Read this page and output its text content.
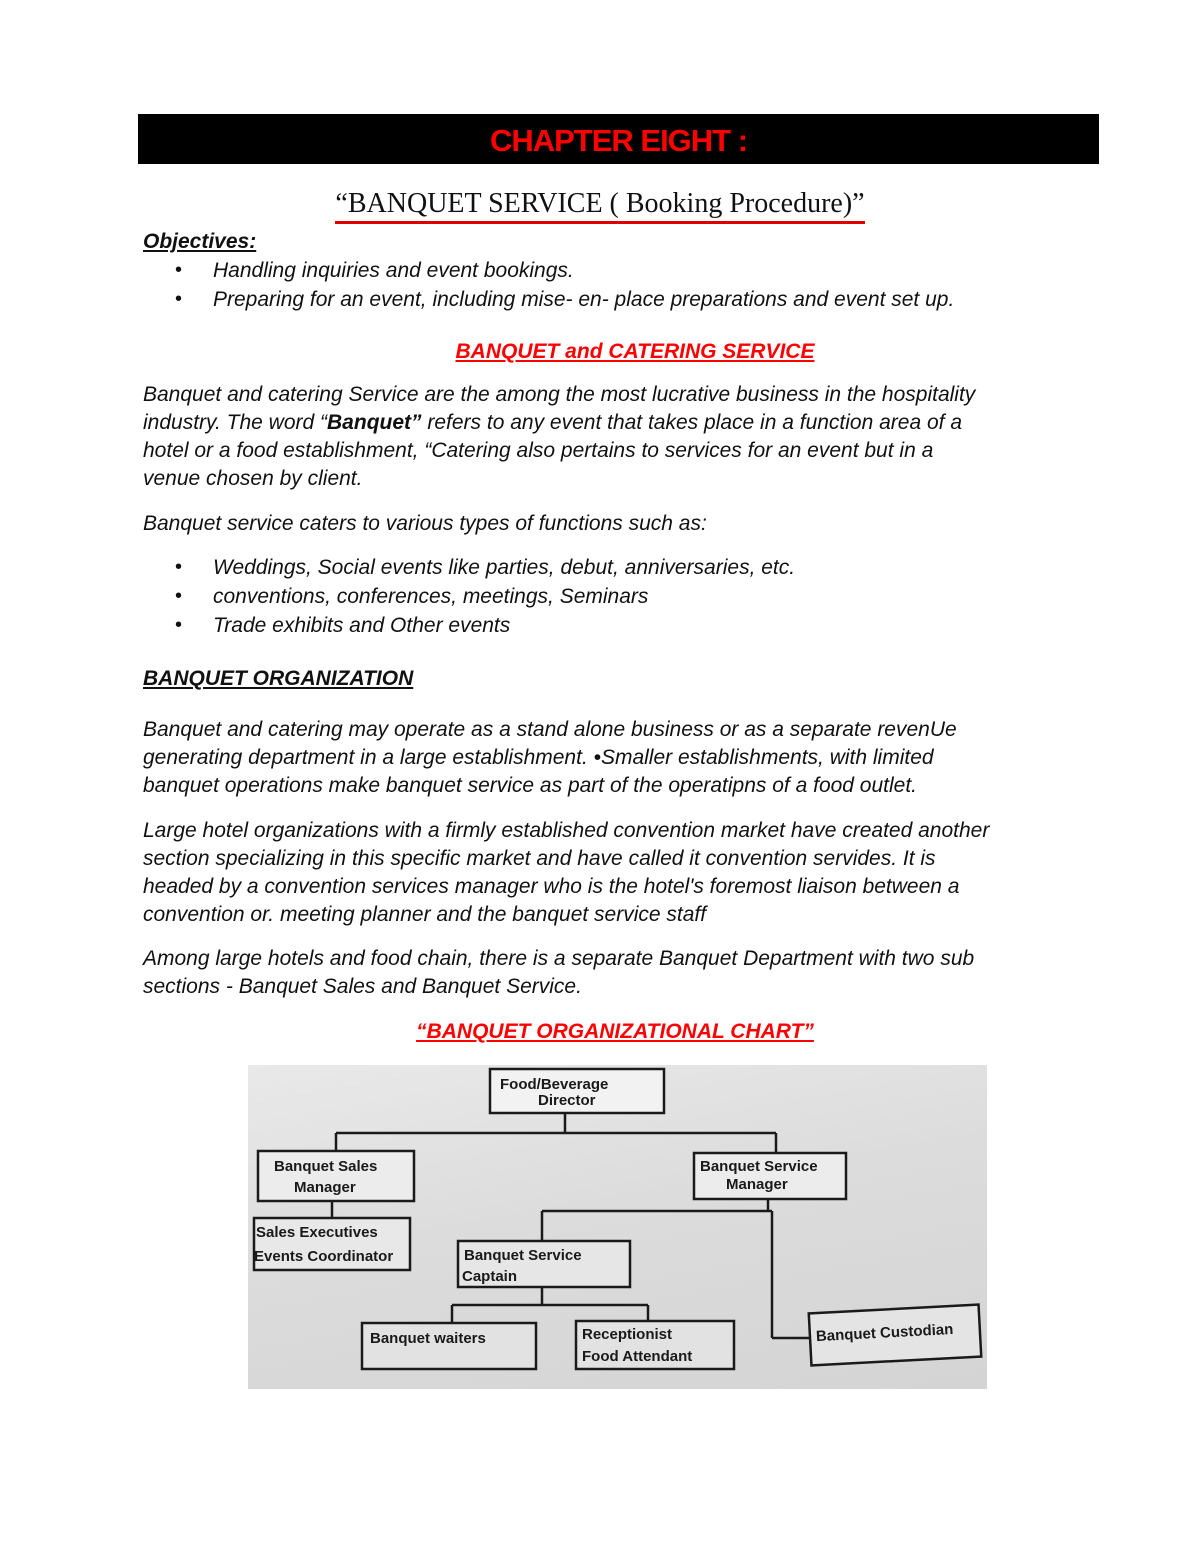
CHAPTER EIGHT :
“BANQUET SERVICE ( Booking Procedure)”
Objectives:
• Handling inquiries and event bookings.
• Preparing for an event, including mise- en- place preparations and event set up.
BANQUET and CATERING SERVICE

Banquet and catering Service are the among the most lucrative business in the hospitality
industry. The word “Banquet” refers to any event that takes place in a function area of a
hotel or a food establishment, “Catering also pertains to services for an event but in a
venue chosen by client.

Banquet service caters to various types of functions such as:

• Weddings, Social events like parties, debut, anniversaries, etc.
• conventions, conferences, meetings, Seminars
• Trade exhibits and Other events
BANQUET ORGANIZATION

Banquet and catering may operate as a stand alone business or as a separate revenUe
generating department in a large establishment. •Smaller establishments, with limited
banquet operations make banquet service as part of the operatipns of a food outlet.

Large hotel organizations with a firmly established convention market have created another
section specializing in this specific market and have called it convention servides. It is
headed by a convention services manager who is the hotel's foremost liaison between a
convention or. meeting planner and the banquet service staff

Among large hotels and food chain, there is a separate Banquet Department with two sub
sections - Banquet Sales and Banquet Service.

“BANQUET ORGANIZATIONAL CHART”
Food/Beverage
Director
Banquet Sales
Manager
Banquet Service
Manager
Sales Executives
Events Coordinator	Banquet Service
Captain
Banquet waiters	Receptionist
Food Attendant
Banquet Custodian
